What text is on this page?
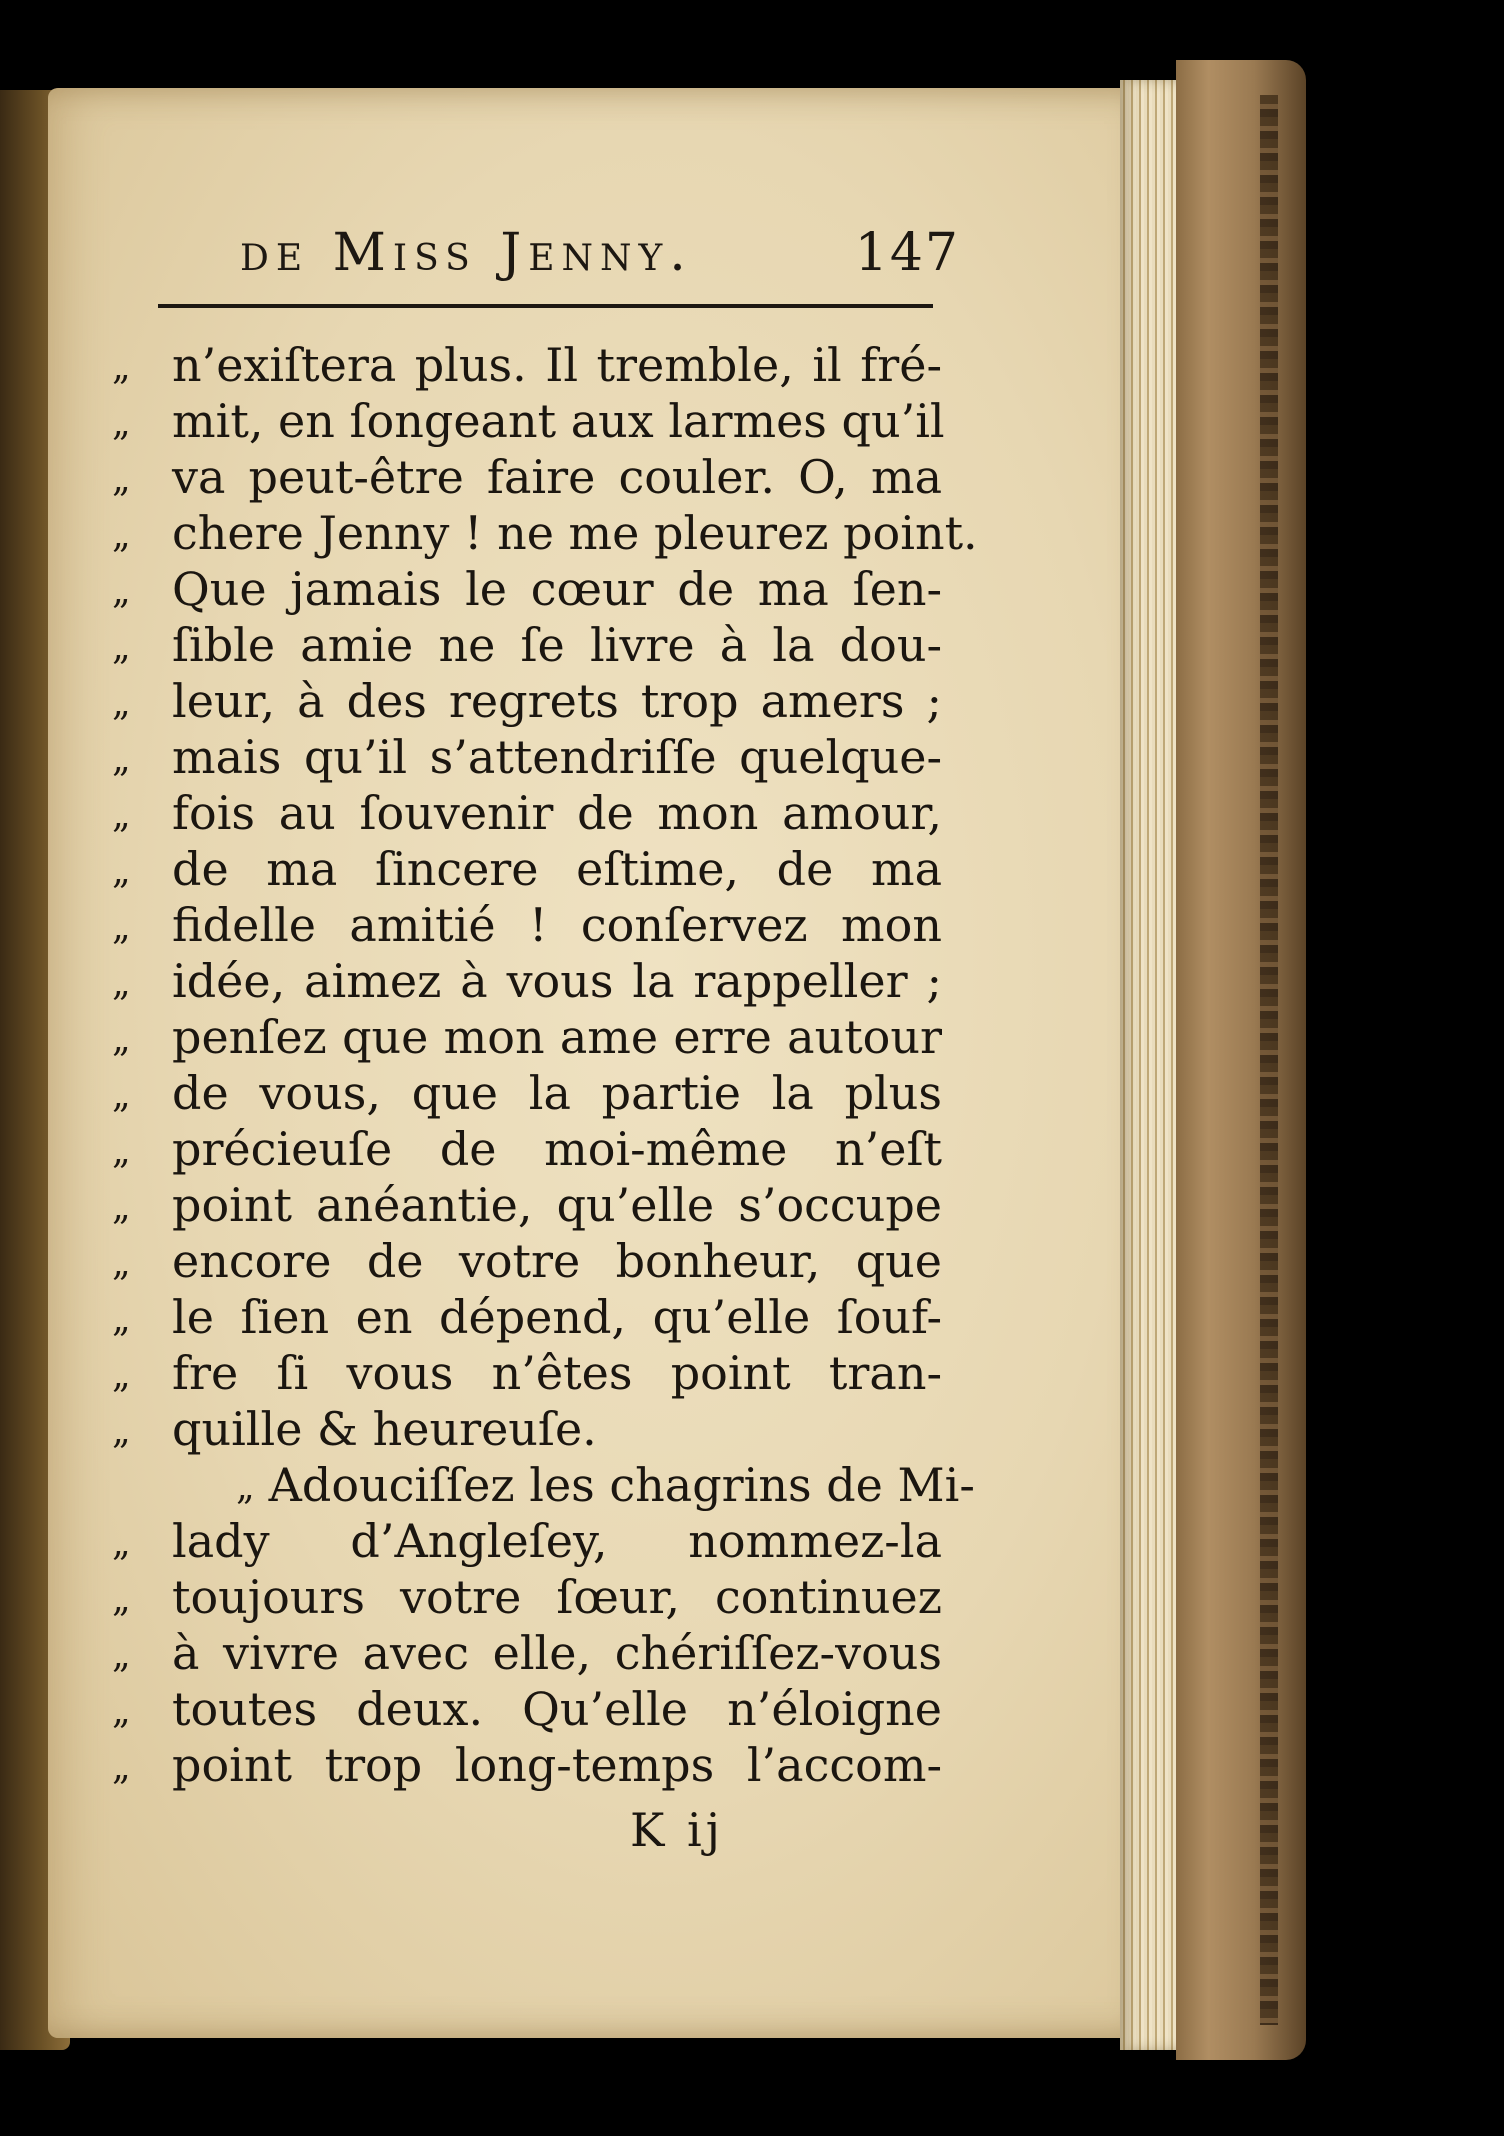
de Miss Jenny.	147
„ n’exiſtera plus. Il tremble, il fré-
„ mit, en ſongeant aux larmes qu’il
„ va peut-être faire couler. O, ma
„ chere Jenny ! ne me pleurez point.
„ Que jamais le cœur de ma ſen-
„ ſible amie ne ſe livre à la dou-
„ leur, à des regrets trop amers ;
„ mais qu’il s’attendriſſe quelque-
„ fois au ſouvenir de mon amour,
„ de ma ſincere eſtime, de ma
„ fidelle amitié ! conſervez mon
„ idée, aimez à vous la rappeller ;
„ penſez que mon ame erre autour
„ de vous, que la partie la plus
„ précieuſe de moi-même n’eſt
„ point anéantie, qu’elle s’occupe
„ encore de votre bonheur, que
„ le ſien en dépend, qu’elle ſouf-
„ fre ſi vous n’êtes point tran-
„ quille & heureuſe.
„ Adouciſſez les chagrins de Mi-
„ lady d’Angleſey, nommez-la
„ toujours votre ſœur, continuez
„ à vivre avec elle, chériſſez-vous
„ toutes deux. Qu’elle n’éloigne
„ point trop long-temps l’accom-
K ij
